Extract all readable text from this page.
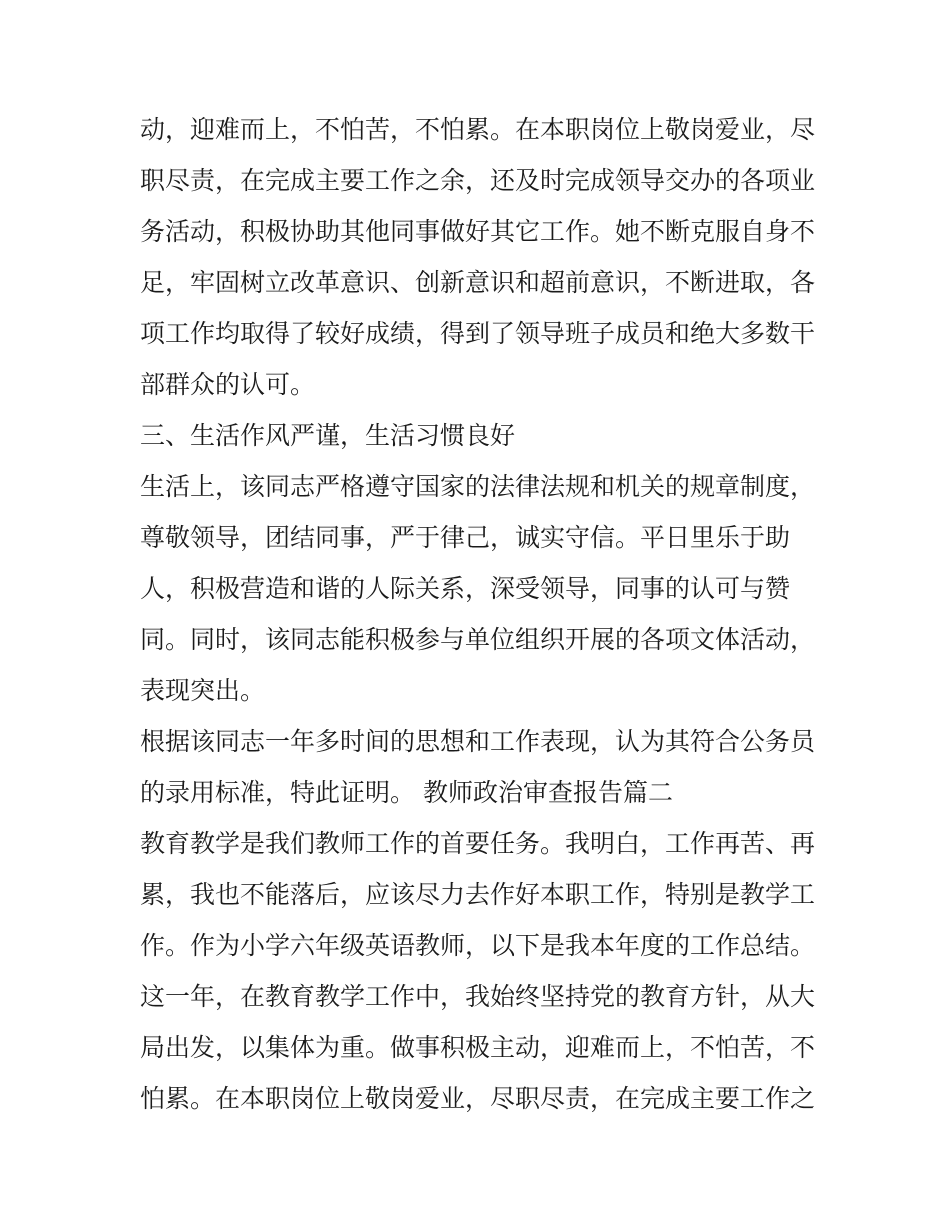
动，迎难而上，不怕苦，不怕累。在本职岗位上敬岗爱业，尽
职尽责，在完成主要工作之余，还及时完成领导交办的各项业
务活动，积极协助其他同事做好其它工作。她不断克服自身不
足，牢固树立改革意识、创新意识和超前意识，不断进取，各
项工作均取得了较好成绩，得到了领导班子成员和绝大多数干
部群众的认可。
三、生活作风严谨，生活习惯良好
生活上，该同志严格遵守国家的法律法规和机关的规章制度，
尊敬领导，团结同事，严于律己，诚实守信。平日里乐于助
人，积极营造和谐的人际关系，深受领导，同事的认可与赞
同。同时，该同志能积极参与单位组织开展的各项文体活动，
表现突出。
根据该同志一年多时间的思想和工作表现，认为其符合公务员
的录用标准，特此证明。 教师政治审查报告篇二
教育教学是我们教师工作的首要任务。我明白，工作再苦、再
累，我也不能落后，应该尽力去作好本职工作，特别是教学工
作。作为小学六年级英语教师，以下是我本年度的工作总结。
这一年，在教育教学工作中，我始终坚持党的教育方针，从大
局出发，以集体为重。做事积极主动，迎难而上，不怕苦，不
怕累。在本职岗位上敬岗爱业，尽职尽责，在完成主要工作之
